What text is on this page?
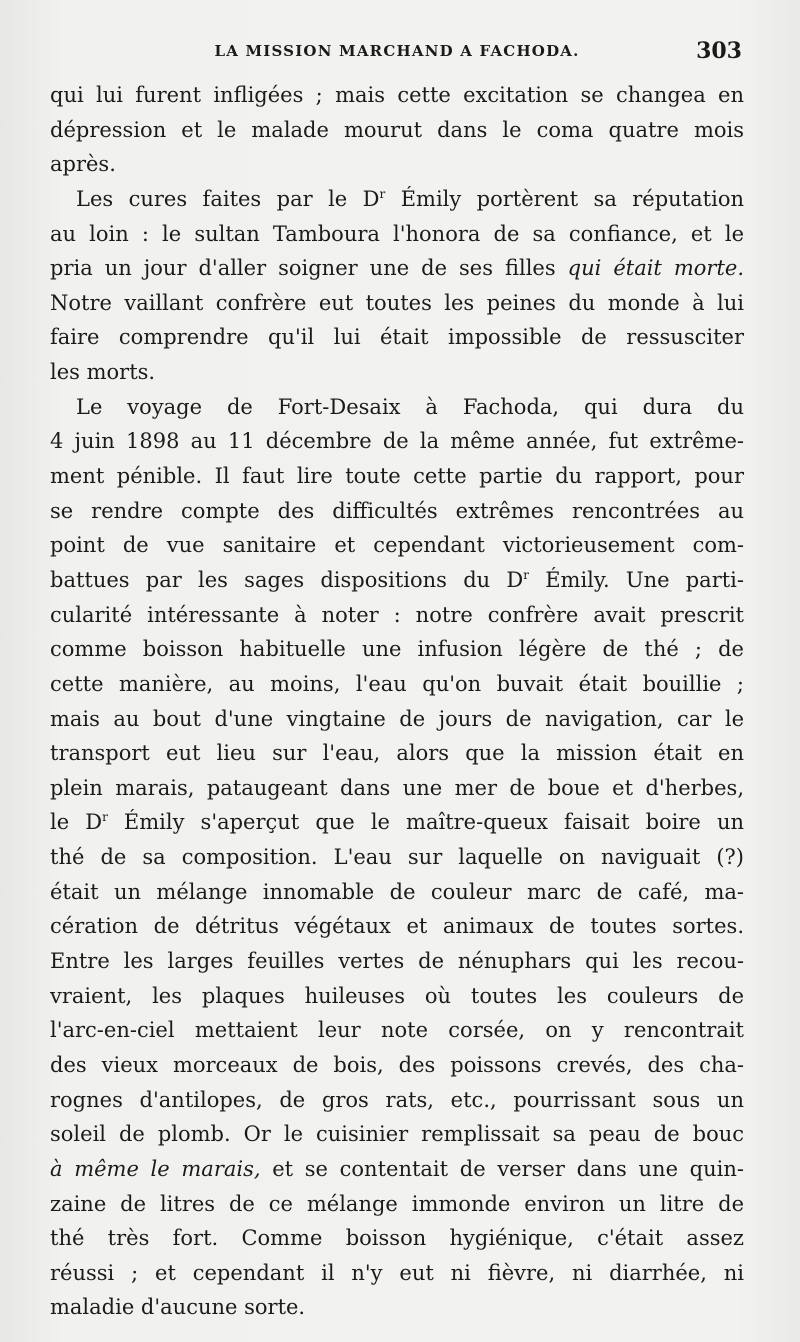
LA MISSION MARCHAND A FACHODA.	303
qui lui furent infligées ; mais cette excitation se changea en
dépression et le malade mourut dans le coma quatre mois
après.
Les cures faites par le $D^r$ Émily portèrent sa réputation
au loin : le sultan Tamboura l'honora de sa confiance, et le
pria un jour d'aller soigner une de ses filles qui était morte.
Notre vaillant confrère eut toutes les peines du monde à lui
faire comprendre qu'il lui était impossible de ressusciter
les morts.
Le voyage de Fort-Desaix à Fachoda, qui dura du
4 juin 1898 au 11 décembre de la même année, fut extrême-
ment pénible. Il faut lire toute cette partie du rapport, pour
se rendre compte des difficultés extrêmes rencontrées au
point de vue sanitaire et cependant victorieusement com-
battues par les sages dispositions du $D^r$ Émily. Une parti-
cularité intéressante à noter : notre confrère avait prescrit
comme boisson habituelle une infusion légère de thé ; de
cette manière, au moins, l'eau qu'on buvait était bouillie ;
mais au bout d'une vingtaine de jours de navigation, car le
transport eut lieu sur l'eau, alors que la mission était en
plein marais, pataugeant dans une mer de boue et d'herbes,
le $D^r$ Émily s'aperçut que le maître-queux faisait boire un
thé de sa composition. L'eau sur laquelle on naviguait (?)
était un mélange innomable de couleur marc de café, ma-
cération de détritus végétaux et animaux de toutes sortes.
Entre les larges feuilles vertes de nénuphars qui les recou-
vraient, les plaques huileuses où toutes les couleurs de
l'arc-en-ciel mettaient leur note corsée, on y rencontrait
des vieux morceaux de bois, des poissons crevés, des cha-
rognes d'antilopes, de gros rats, etc., pourrissant sous un
soleil de plomb. Or le cuisinier remplissait sa peau de bouc
à même le marais, et se contentait de verser dans une quin-
zaine de litres de ce mélange immonde environ un litre de
thé très fort. Comme boisson hygiénique, c'était assez
réussi ; et cependant il n'y eut ni fièvre, ni diarrhée, ni
maladie d'aucune sorte.
